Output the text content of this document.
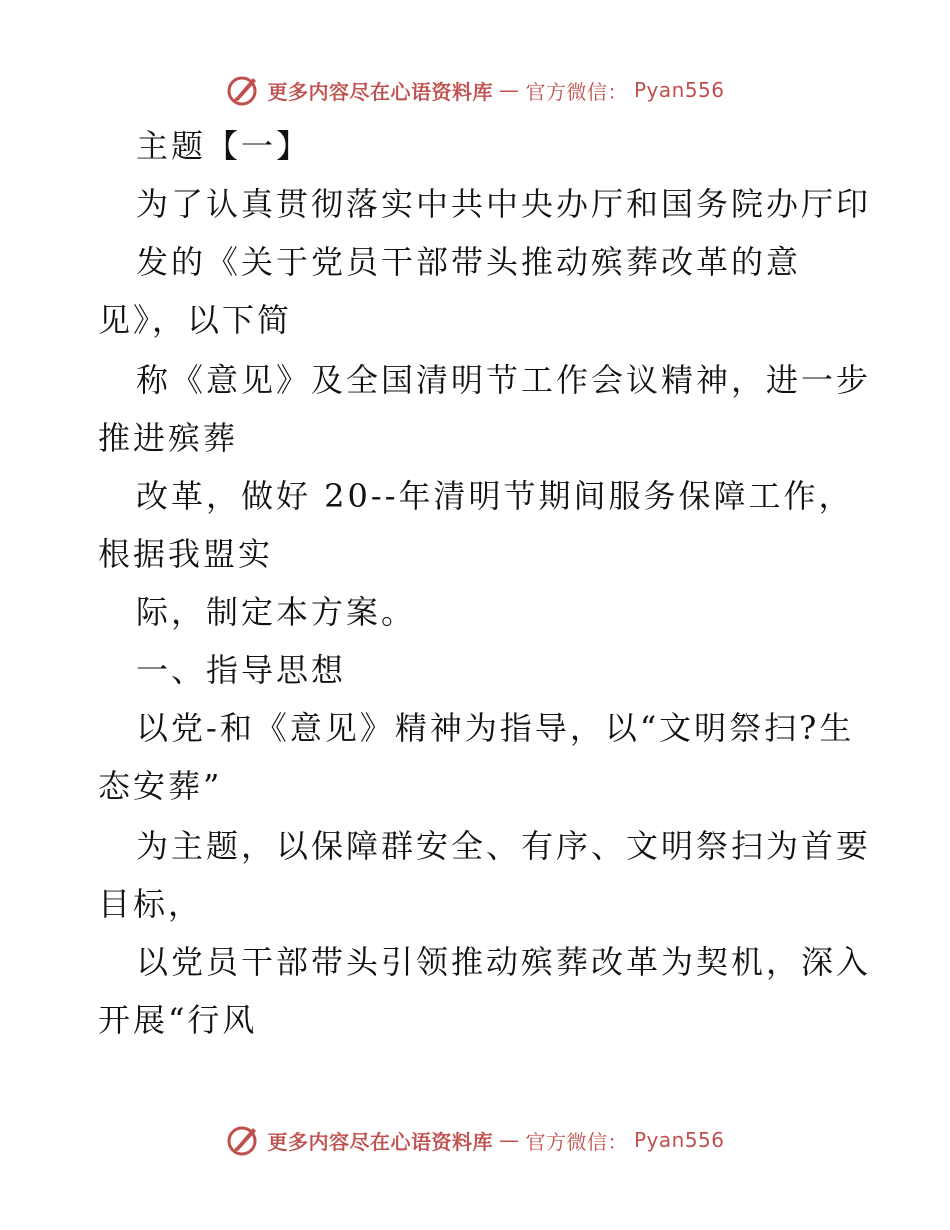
更多内容尽在心语资料库 — 官方微信： Pyan556
主题【一】
为了认真贯彻落实中共中央办厅和国务院办厅印
发的《关于党员干部带头推动殡葬改革的意
见》，以下简
称《意见》及全国清明节工作会议精神，进一步
推进殡葬
改革，做好 20--年清明节期间服务保障工作，
根据我盟实
际，制定本方案。
一、指导思想
以党-和《意见》精神为指导，以“文明祭扫?生
态安葬”
为主题，以保障群安全、有序、文明祭扫为首要
目标，
以党员干部带头引领推动殡葬改革为契机，深入
开展“行风
更多内容尽在心语资料库 — 官方微信： Pyan556
